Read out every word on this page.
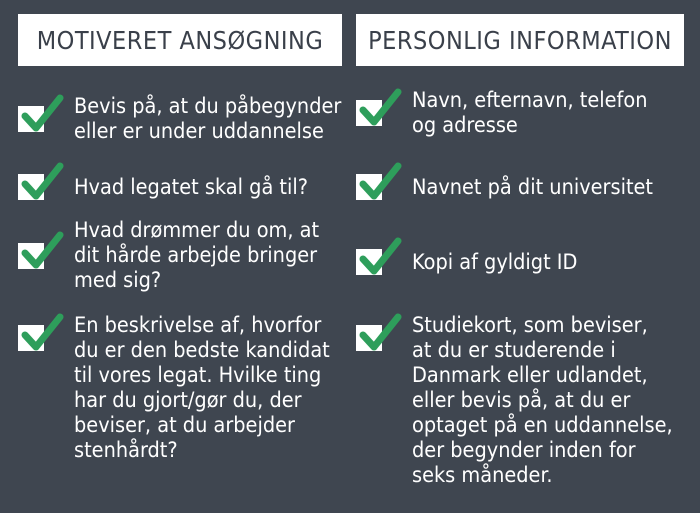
MOTIVERET ANSØGNING PERSONLIG INFORMATION
Bevis på, at du påbegynder
eller er under uddannelse
Hvad legatet skal gå til?
Hvad drømmer du om, at
dit hårde arbejde bringer
med sig?
En beskrivelse af, hvorfor
du er den bedste kandidat
til vores legat. Hvilke ting
har du gjort/gør du, der
beviser, at du arbejder
stenhårdt?
Navn, efternavn, telefon
og adresse
Navnet på dit universitet
Kopi af gyldigt ID
Studiekort, som beviser,
at du er studerende i
Danmark eller udlandet,
eller bevis på, at du er
optaget på en uddannelse,
der begynder inden for
seks måneder.
